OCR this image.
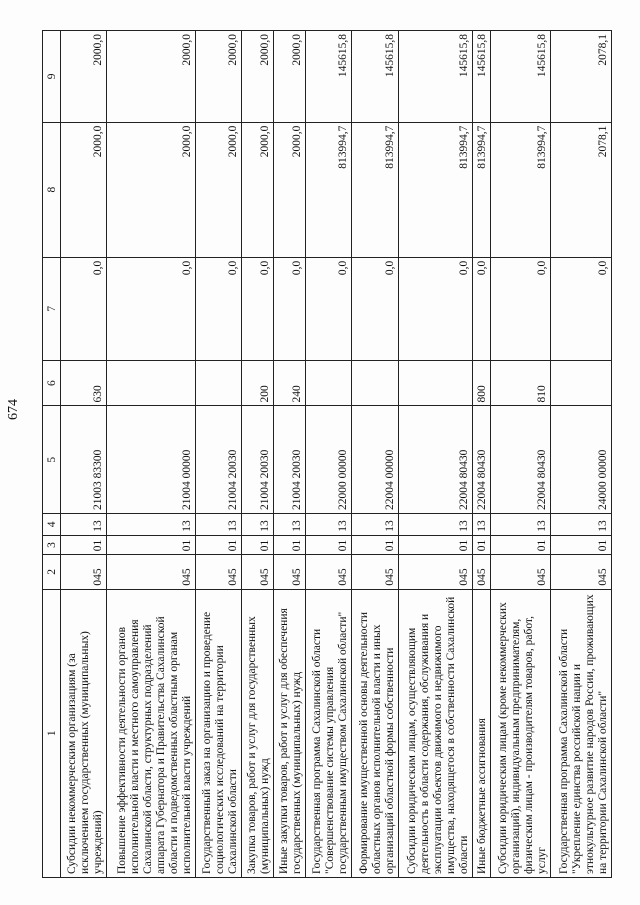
674
1	2	3	4	5	6	7	8	9
Субсидии некоммерческим организациям (за исключением государственных (муниципальных) учреждений)	045	01	13	21003 83300	630	0,0	2000,0	2000,0
Повышение эффективности деятельности органов исполнительной власти и местного самоуправления Сахалинской области, структурных подразделений аппарата Губернатора и Правительства Сахалинской области и подведомственных областным органам исполнительной власти учреждений	045	01	13	21004 00000		0,0	2000,0	2000,0
Государственный заказ на организацию и проведение социологических исследований на территории Сахалинской области	045	01	13	21004 20030		0,0	2000,0	2000,0
Закупка товаров, работ и услуг для государственных (муниципальных) нужд	045	01	13	21004 20030	200	0,0	2000,0	2000,0
Иные закупки товаров, работ и услуг для обеспечения государственных (муниципальных) нужд	045	01	13	21004 20030	240	0,0	2000,0	2000,0
Государственная программа Сахалинской области "Совершенствование системы управления государственным имуществом Сахалинской области"	045	01	13	22000 00000		0,0	813994,7	145615,8
Формирование имущественной основы деятельности областных органов исполнительной власти и иных организаций областной формы собственности	045	01	13	22004 00000		0,0	813994,7	145615,8
Субсидии юридическим лицам, осуществляющим деятельность в области содержания, обслуживания и эксплуатации объектов движимого и недвижимого имущества, находящегося в собственности Сахалинской области	045	01	13	22004 80430		0,0	813994,7	145615,8
Иные бюджетные ассигнования	045	01	13	22004 80430	800	0,0	813994,7	145615,8
Субсидии юридическим лицам (кроме некоммерческих организаций), индивидуальным предпринимателям, физическим лицам - производителям товаров, работ, услуг	045	01	13	22004 80430	810	0,0	813994,7	145615,8
Государственная программа Сахалинской области "Укрепление единства российской нации и этнокультурное развитие народов России, проживающих на территории Сахалинской области"	045	01	13	24000 00000		0,0	2078,1	2078,1
